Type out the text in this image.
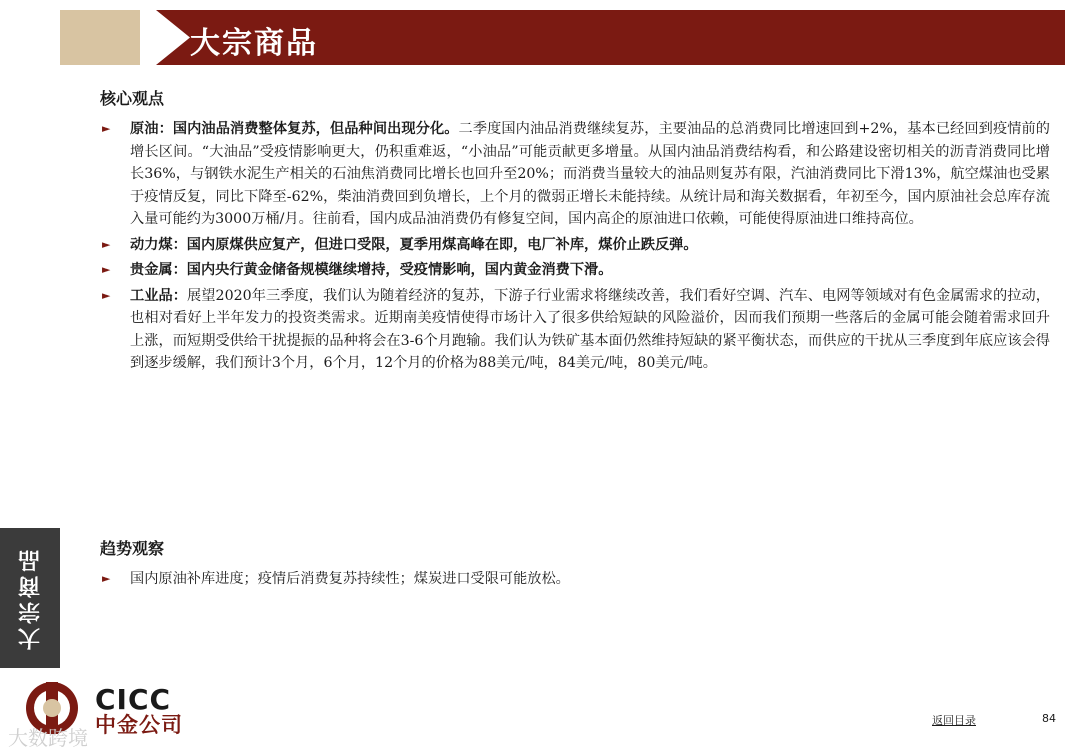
大宗商品
核心观点
► 原油：国内油品消费整体复苏，但品种间出现分化。二季度国内油品消费继续复苏，主要油品的总消费同比增速回到+2%，基本已经回到疫情前的增长区间。“大油品”受疫情影响更大，仍积重难返，“小油品”可能贡献更多增量。从国内油品消费结构看，和公路建设密切相关的沥青消费同比增长36%，与钢铁水泥生产相关的石油焦消费同比增长也回升至20%；而消费当量较大的油品则复苏有限，汽油消费同比下滑13%，航空煤油也受累于疫情反复，同比下降至-62%，柴油消费回到负增长，上个月的微弱正增长未能持续。从统计局和海关数据看，年初至今，国内原油社会总库存流入量可能约为3000万桶/月。往前看，国内成品油消费仍有修复空间，国内高企的原油进口依赖，可能使得原油进口维持高位。
► 动力煤：国内原煤供应复产，但进口受限，夏季用煤高峰在即，电厂补库，煤价止跌反弹。
► 贵金属：国内央行黄金储备规模继续增持，受疫情影响，国内黄金消费下滑。
► 工业品：展望2020年三季度，我们认为随着经济的复苏，下游子行业需求将继续改善，我们看好空调、汽车、电网等领域对有色金属需求的拉动，也相对看好上半年发力的投资类需求。近期南美疫情使得市场计入了很多供给短缺的风险溢价，因而我们预期一些落后的金属可能会随着需求回升上涨，而短期受供给干扰提振的品种将会在3-6个月跑输。我们认为铁矿基本面仍然维持短缺的紧平衡状态，而供应的干扰从三季度到年底应该会得到逐步缓解，我们预计3个月，6个月，12个月的价格为88美元/吨，84美元/吨，80美元/吨。
趋势观察
► 国内原油补库进度；疫情后消费复苏持续性；煤炭进口受限可能放松。
大宗商品
CICC
中金公司
大数跨境
返回目录	84
